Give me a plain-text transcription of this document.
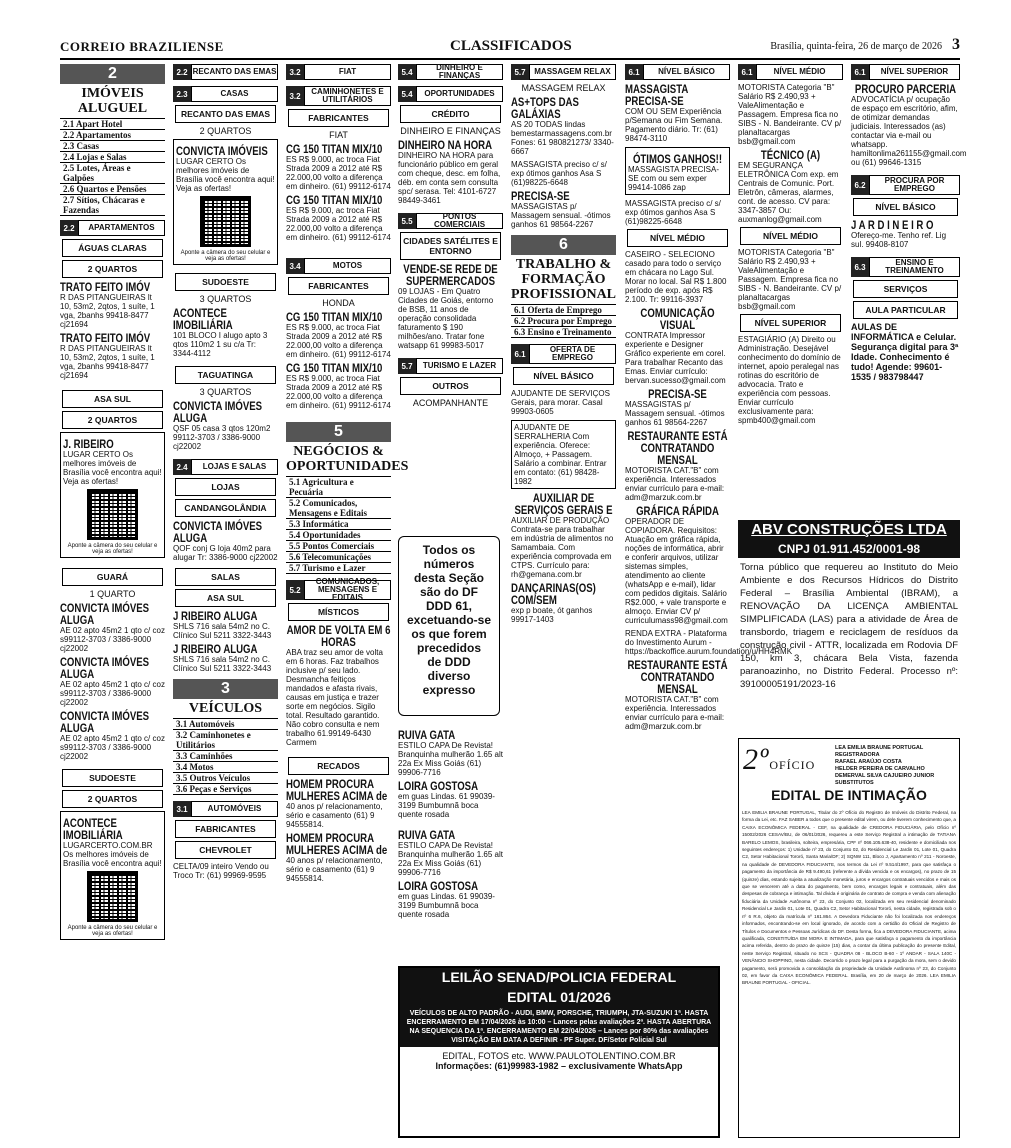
CORREIO BRAZILIENSE	CLASSIFICADOS	Brasília, quinta-feira, 26 de março de 2026 3
2
IMÓVEIS ALUGUEL
2.1 Apart Hotel
2.2 Apartamentos
2.3 Casas
2.4 Lojas e Salas
2.5 Lotes, Áreas e Galpões
2.6 Quartos e Pensões
2.7 Sítios, Chácaras e Fazendas
2.2	APARTAMENTOS
ÁGUAS CLARAS
2 QUARTOS
TRATO FEITO IMÓV
R DAS PITANGUEIRAS lt 10, 53m2, 2qtos, 1 suíte, 1 vga, 2banhs 99418-8477 cj21694
TRATO FEITO IMÓV
R DAS PITANGUEIRAS lt 10, 53m2, 2qtos, 1 suíte, 1 vga, 2banhs 99418-8477 cj21694
ASA SUL
2 QUARTOS
J. RIBEIRO
LUGAR CERTO Os melhores imóveis de Brasília você encontra aqui! Veja as ofertas!
Aponte a câmera do seu celular e veja as ofertas!
GUARÁ
1 QUARTO
CONVICTA IMÓVES ALUGA
AE 02 apto 45m2 1 qto c/ coz s99112-3703 / 3386-9000 cj22002
CONVICTA IMÓVES ALUGA
AE 02 apto 45m2 1 qto c/ coz s99112-3703 / 3386-9000 cj22002
CONVICTA IMÓVES ALUGA
AE 02 apto 45m2 1 qto c/ coz s99112-3703 / 3386-9000 cj22002
SUDOESTE
2 QUARTOS
ACONTECE IMOBILIÁRIA
LUGARCERTO.COM.BR Os melhores imóveis de Brasília você encontra aqui!
Aponte a câmera do seu celular e veja as ofertas!
2.2 RECANTO DAS EMAS
2.3	CASAS
RECANTO DAS EMAS
2 QUARTOS
CONVICTA IMÓVEIS
LUGAR CERTO Os melhores imóveis de Brasília você encontra aqui! Veja as ofertas!
Aponte a câmera do seu celular e veja as ofertas!
SUDOESTE
3 QUARTOS
ACONTECE IMOBILIÁRIA
101 BLOCO I alugo apto 3 qtos 110m2 1 su c/a Tr: 3344-4112
TAGUATINGA
3 QUARTOS
CONVICTA IMÓVES ALUGA
QSF 05 casa 3 qtos 120m2 99112-3703 / 3386-9000 cj22002
2.4	LOJAS E SALAS
LOJAS
CANDANGOLÂNDIA
CONVICTA IMÓVES ALUGA
QOF conj G loja 40m2 para alugar Tr: 3386-9000 cj22002
SALAS
ASA SUL
J RIBEIRO ALUGA
SHLS 716 sala 54m2 no C. Clínico Sul 5211 3322-3443
J RIBEIRO ALUGA
SHLS 716 sala 54m2 no C. Clínico Sul 5211 3322-3443
3
VEÍCULOS
3.1 Automóveis
3.2 Caminhonetes e Utilitários
3.3 Caminhões
3.4 Motos
3.5 Outros Veículos
3.6 Peças e Serviços
3.1	AUTOMÓVEIS
FABRICANTES
CHEVROLET
CELTA/09 inteiro Vendo ou Troco Tr: (61) 99969-9595
3.2	FIAT
3.2	CAMINHONETES E UTILITÁRIOS
FABRICANTES
FIAT
CG 150 TITAN MIX/10
ES R$ 9.000, ac troca Fiat Strada 2009 a 2012 até R$ 22.000,00 volto a diferença em dinheiro. (61) 99112-6174
CG 150 TITAN MIX/10
ES R$ 9.000, ac troca Fiat Strada 2009 a 2012 até R$ 22.000,00 volto a diferença em dinheiro. (61) 99112-6174
3.4	MOTOS
FABRICANTES
HONDA
CG 150 TITAN MIX/10
ES R$ 9.000, ac troca Fiat Strada 2009 a 2012 até R$ 22.000,00 volto a diferença em dinheiro. (61) 99112-6174
CG 150 TITAN MIX/10
ES R$ 9.000, ac troca Fiat Strada 2009 a 2012 até R$ 22.000,00 volto a diferença em dinheiro. (61) 99112-6174
5
NEGÓCIOS & OPORTUNIDADES
5.1 Agricultura e Pecuária
5.2 Comunicados, Mensagens e Editais
5.3 Informática
5.4 Oportunidades
5.5 Pontos Comerciais
5.6 Telecomunicações
5.7 Turismo e Lazer
5.2
COMUNICADOS, MENSAGENS E EDITAIS
MÍSTICOS
AMOR DE VOLTA EM 6 HORAS
ABA traz seu amor de volta em 6 horas. Faz trabalhos inclusive p/ seu lado. Desmancha feitiços mandados e afasta rivais, causas em justiça e trazer sorte em negócios. Sigilo total. Resultado garantido. Não cobro consulta e nem trabalho 61.99149-6430 Carmem
RECADOS
HOMEM PROCURA MULHERES ACIMA de
40 anos p/ relacionamento, sério e casamento (61) 9 94555814.
HOMEM PROCURA MULHERES ACIMA de
40 anos p/ relacionamento, sério e casamento (61) 9 94555814.
5.4	DINHEIRO E FINANÇAS
5.4	OPORTUNIDADES
CRÉDITO
DINHEIRO E FINANÇAS
DINHEIRO NA HORA
DINHEIRO NA HORA para funcionário público em geral com cheque, desc. em folha, déb. em conta sem consulta spc/ serasa. Tel: 4101-6727 98449-3461
5.5	PONTOS COMERCIAIS
CIDADES SATÉLITES E ENTORNO
VENDE-SE REDE DE SUPERMERCADOS
09 LOJAS - Em Quatro Cidades de Goiás, entorno de BSB, 11 anos de operação consolidada faturamento $ 190 milhões/ano. Tratar fone watsapp 61 99983-5017
5.7	TURISMO E LAZER
OUTROS
ACOMPANHANTE
Todos os
números
desta Seção
são do DF
DDD 61,
excetuando-se
os que forem
precedidos
de DDD
diverso
expresso
RUIVA GATA
ESTILO CAPA De Revista! Branquinha mulherão 1.65 alt 22a Ex Miss Goiás (61) 99906-7716
LOIRA GOSTOSA
em guas Lindas. 61 99039-3199 Bumbumnã boca quente rosada
RUIVA GATA
ESTILO CAPA De Revista! Branquinha mulherão 1.65 alt 22a Ex Miss Goiás (61) 99906-7716
LOIRA GOSTOSA
em guas Lindas. 61 99039-3199 Bumbumnã boca quente rosada
5.7	MASSAGEM RELAX
MASSAGEM RELAX
AS+TOPS DAS GALÁXIAS
AS 20 TODAS lindas bemestarmassagens.com.br Fones: 61 980821273/ 3340-6667
MASSAGISTA preciso c/ s/ exp ótimos ganhos Asa S (61)98225-6648
PRECISA-SE
MASSAGISTAS p/ Massagem sensual. -ótimos ganhos 61 98564-2267
6
TRABALHO & FORMAÇÃO PROFISSIONAL
6.1 Oferta de Emprego
6.2 Procura por Emprego
6.3 Ensino e Treinamento
6.1	OFERTA DE EMPREGO
NÍVEL BÁSICO
AJUDANTE DE SERVIÇOS Gerais, para morar. Casal 99903-0605
AJUDANTE DE SERRALHERIA Com experiência. Oferece: Almoço, + Passagem. Salário a combinar. Entrar em contato: (61) 98428-1982
AUXILIAR DE SERVIÇOS GERAIS E
AUXILIAR DE PRODUÇÃO Contrata-se para trabalhar em indústria de alimentos no Samambaia. Com experiência comprovada em CTPS. Currículo para: rh@gemana.com.br
DANÇARINAS(OS) COM/SEM
exp p boate, ót ganhos 99917-1403
6.1	NÍVEL BÁSICO
MASSAGISTA PRECISA-SE
COM OU SEM Experiência p/Semana ou Fim Semana. Pagamento diário. Tr: (61) 98474-3110
ÓTIMOS GANHOS!!
MASSAGISTA PRECISA-SE com ou sem exper 99414-1086 zap
MASSAGISTA preciso c/ s/ exp ótimos ganhos Asa S (61)98225-6648
NÍVEL MÉDIO
CASEIRO - SELECIONO casado para todo o serviço em chácara no Lago Sul. Morar no local. Sal R$ 1.800 período de exp. após R$ 2.100. Tr: 99116-3937
COMUNICAÇÃO VISUAL
CONTRATA Impressor experiente e Designer Gráfico experiente em corel. Para trabalhar Recanto das Emas. Enviar currículo: bervan.sucesso@gmail.com
PRECISA-SE
MASSAGISTAS p/ Massagem sensual. -ótimos ganhos 61 98564-2267
RESTAURANTE ESTÁ CONTRATANDO MENSAL
MOTORISTA CAT."B" com experiência. Interessados enviar currículo para e-mail: adm@marzuk.com.br
GRÁFICA RÁPIDA
OPERADOR DE COPIADORA. Requisitos: Atuação em gráfica rápida, noções de informática, abrir e conferir arquivos, utilizar sistemas simples, atendimento ao cliente (whatsApp e e-mail), lidar com pedidos digitais. Salário R$2.000, + vale transporte e almoço. Enviar CV p/ curriculumass98@gmail.com
RENDA EXTRA - Plataforma do Investimento Aurum - https://backoffice.aurum.foundation/u/HH4RMK
RESTAURANTE ESTÁ CONTRATANDO MENSAL
MOTORISTA CAT."B" com experiência. Interessados enviar currículo para e-mail: adm@marzuk.com.br
6.1	NÍVEL MÉDIO
MOTORISTA Categoria "B" Salário R$ 2.490,93 + ValeAlimentação e Passagem. Empresa fica no SIBS - N. Bandeirante. CV p/ planaltacargas bsb@gmail.com
TÉCNICO (A)
EM SEGURANÇA ELETRÔNICA Com exp. em Centrais de Comunic. Port. Eletrôn, câmeras, alarmes, cont. de acesso. CV para: 3347-3857 Ou: auxmanlog@gmail.com
NÍVEL MÉDIO
MOTORISTA Categoria "B" Salário R$ 2.490,93 + ValeAlimentação e Passagem. Empresa fica no SIBS - N. Bandeirante. CV p/ planaltacargas bsb@gmail.com
NÍVEL SUPERIOR
ESTAGIÁRIO (A) Direito ou Administração. Desejável conhecimento do domínio de internet, apoio peralegal nas rotinas do escritório de advocacia. Trato e experiência com pessoas. Enviar currículo exclusivamente para: spmb400@gmail.com
6.1	NÍVEL SUPERIOR
PROCURO PARCERIA
ADVOCATÍCIA p/ ocupação de espaço em escritório, afim, de otimizar demandas judiciais. Interessados (as) contactar via e-mail ou whatsapp. hamiltonlima261155@gmail.com ou (61) 99646-1315
6.2	PROCURA POR EMPREGO
NÍVEL BÁSICO
J A R D I N E I R O
Ofereço-me. Tenho ref. Lig sul. 99408-8107
6.3	ENSINO E TREINAMENTO
SERVIÇOS
AULA PARTICULAR
AULAS DE INFORMÁTICA e Celular. Segurança digital para 3ª Idade. Conhecimento é tudo! Agende: 99601-1535 / 983798447
ABV CONSTRUÇÕES LTDA
CNPJ 01.911.452/0001-98
Torna público que requereu ao Instituto do Meio Ambiente e dos Recursos Hídricos do Distrito Federal – Brasília Ambiental (IBRAM), a RENOVAÇÃO DA LICENÇA AMBIENTAL SIMPLIFICADA (LAS) para a atividade de Área de transbordo, triagem e reciclagem de resíduos da construção civil - ATTR, localizada em Rodovia DF 150, km 3, chácara Bela Vista, fazenda paranoazinho, no Distrito Federal. Processo nº: 39100005191/2023-16
2ºOFÍCIO
LEA EMILIA BRAUNE PORTUGAL
REGISTRADORA
RAFAEL ARAÚJO COSTA
HELDER PEREIRA DE CARVALHO
DEMERVAL SILVA CAJUEIRO JUNIOR
SUBSTITUTOS
EDITAL DE INTIMAÇÃO
LEA EMILIA BRAUNE PORTUGAL, Titular do 2º Ofício do Registro de Imóveis do Distrito Federal, na forma da Lei, etc. FAZ SABER a todos que o presente edital virem, ou dele tiverem conhecimento que, a CAIXA ECONÔMICA FEDERAL - CEF, na qualidade de CREDORA FIDUCIÁRIA, pelo Ofício nº 15002/2026 CESAV/BU, de 06/01/2026, requereu a este Serviço Registral a intimação de TATIANA BARELO LEMOS, brasileira, solteira, empresária, CPF nº 066.105.638-40, residente e domiciliada nos seguintes endereços: 1) Unidade nº 23, do Conjunto 02, do Residencial Le Jardin 01, Lote 01, Quadra C2, Setor Habitacional Tororó, Santa Maria/DF; 2) SQNW 111, Bloco J, Apartamento nº 211 - Noroeste, na qualidade de DEVEDORA FIDUCIANTE, nos termos da Lei nº 9.514/1997, para que satisfaça o pagamento da importância de R$ 9.490,61 (referente a dívida vencida e os encargos), no prazo de 15 (quinze) dias, estando sujeita a atualização monetária, juros e encargos contratuais vencidos e mais os que se vencerem até a data do pagamento, bem como, encargos legais e contratuais, além das despesas de cobrança e intimação. Tal dívida é originária de contrato de compra e venda com alienação fiduciária da Unidade Autônoma nº 23, do Conjunto 02, localizada em seu residencial denominado Residencial Le Jardin 01, Lote 01, Quadra C2, Setor Habitacional Tororó, nesta cidade, registrada sob o nº 6 R.6, objeto da matrícula nº 161.864. A Devedora Fiduciante não foi localizada nos endereços informados, encontrando-se em local ignorado, de acordo com a certidão do Oficial de Registro de Títulos e Documentos e Pessoas Jurídicas do DF. Desta forma, fica a DEVEDORA FIDUCIANTE, acima qualificada, CONSTITUÍDA EM MORA E INTIMADA, para que satisfaça o pagamento da importância acima referida, dentro do prazo de quinze (15) dias, a contar da última publicação do presente Edital, neste Serviço Registral, situado no SCS - QUADRA 08 - BLOCO B-60 - 1º ANDAR - SALA 140C - VENÂNCIO SHOPPING, nesta cidade. Decorrido o prazo legal para a purgação da mora, sem o devido pagamento, será promovida a consolidação da propriedade da Unidade Autônoma nº 23, do Conjunto 02, em favor da CAIXA ECONÔMICA FEDERAL. Brasília, em 20 de março de 2026. LEA EMILIA BRAUNE PORTUGAL - OFICIAL.
LEILÃO SENAD/POLICIA FEDERAL
EDITAL 01/2026
VEÍCULOS DE ALTO PADRÃO - AUDI, BMW, PORSCHE, TRIUMPH, JTA-SUZUKI 1ª. HASTA ENCERRAMENTO EM 17/04/2026 às 10:00 – Lances pelas avaliações 2ª. HASTA ABERTURA NA SEQUENCIA DA 1ª. ENCERRAMENTO EM 22/04/2026 – Lances por 80% das avaliações VISITAÇÃO EM DATA A DEFINIR - PF Super. DF/Setor Policial Sul
EDITAL, FOTOS etc. WWW.PAULOTOLENTINO.COM.BR
Informações: (61)99983-1982 – exclusivamente WhatsApp
